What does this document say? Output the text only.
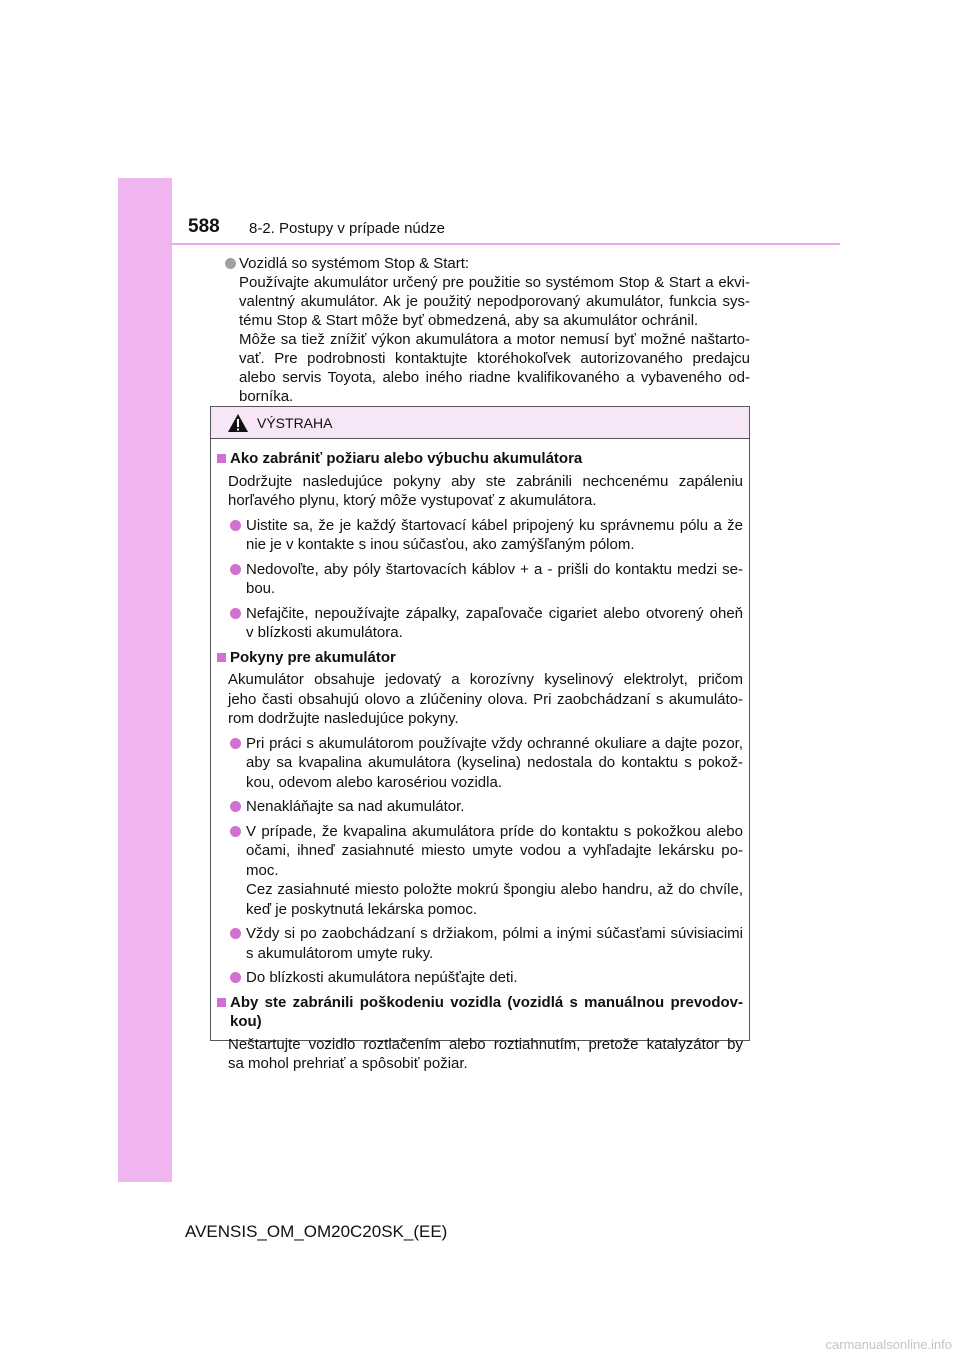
588 8-2. Postupy v prípade núdze
Vozidlá so systémom Stop & Start:
Používajte akumulátor určený pre použitie so systémom Stop & Start a ekvi-
valentný akumulátor. Ak je použitý nepodporovaný akumulátor, funkcia sys-
tému Stop & Start môže byť obmedzená, aby sa akumulátor ochránil.
Môže sa tiež znížiť výkon akumulátora a motor nemusí byť možné naštarto-
vať. Pre podrobnosti kontaktujte ktoréhokoľvek autorizovaného predajcu
alebo servis Toyota, alebo iného riadne kvalifikovaného a vybaveného od-
borníka.
VÝSTRAHA
Ako zabrániť požiaru alebo výbuchu akumulátora
Dodržujte nasledujúce pokyny aby ste zabránili nechcenému zapáleniu
horľavého plynu, ktorý môže vystupovať z akumulátora.
Uistite sa, že je každý štartovací kábel pripojený ku správnemu pólu a že
nie je v kontakte s inou súčasťou, ako zamýšľaným pólom.
Nedovoľte, aby póly štartovacích káblov + a - prišli do kontaktu medzi se-
bou.
Nefajčite, nepoužívajte zápalky, zapaľovače cigariet alebo otvorený oheň
v blízkosti akumulátora.
Pokyny pre akumulátor
Akumulátor obsahuje jedovatý a korozívny kyselinový elektrolyt, pričom
jeho časti obsahujú olovo a zlúčeniny olova. Pri zaobchádzaní s akumuláto-
rom dodržujte nasledujúce pokyny.
Pri práci s akumulátorom používajte vždy ochranné okuliare a dajte pozor,
aby sa kvapalina akumulátora (kyselina) nedostala do kontaktu s pokož-
kou, odevom alebo karosériou vozidla.
Nenakláňajte sa nad akumulátor.
V prípade, že kvapalina akumulátora príde do kontaktu s pokožkou alebo
očami, ihneď zasiahnuté miesto umyte vodou a vyhľadajte lekársku po-
moc.
Cez zasiahnuté miesto položte mokrú špongiu alebo handru, až do chvíle,
keď je poskytnutá lekárska pomoc.
Vždy si po zaobchádzaní s držiakom, pólmi a inými súčasťami súvisiacimi
s akumulátorom umyte ruky.
Do blízkosti akumulátora nepúšťajte deti.
Aby ste zabránili poškodeniu vozidla (vozidlá s manuálnou prevodov-
kou)
Neštartujte vozidlo roztlačením alebo roztiahnutím, pretože katalyzátor by
sa mohol prehriať a spôsobiť požiar.
AVENSIS_OM_OM20C20SK_(EE)
carmanualsonline.info
